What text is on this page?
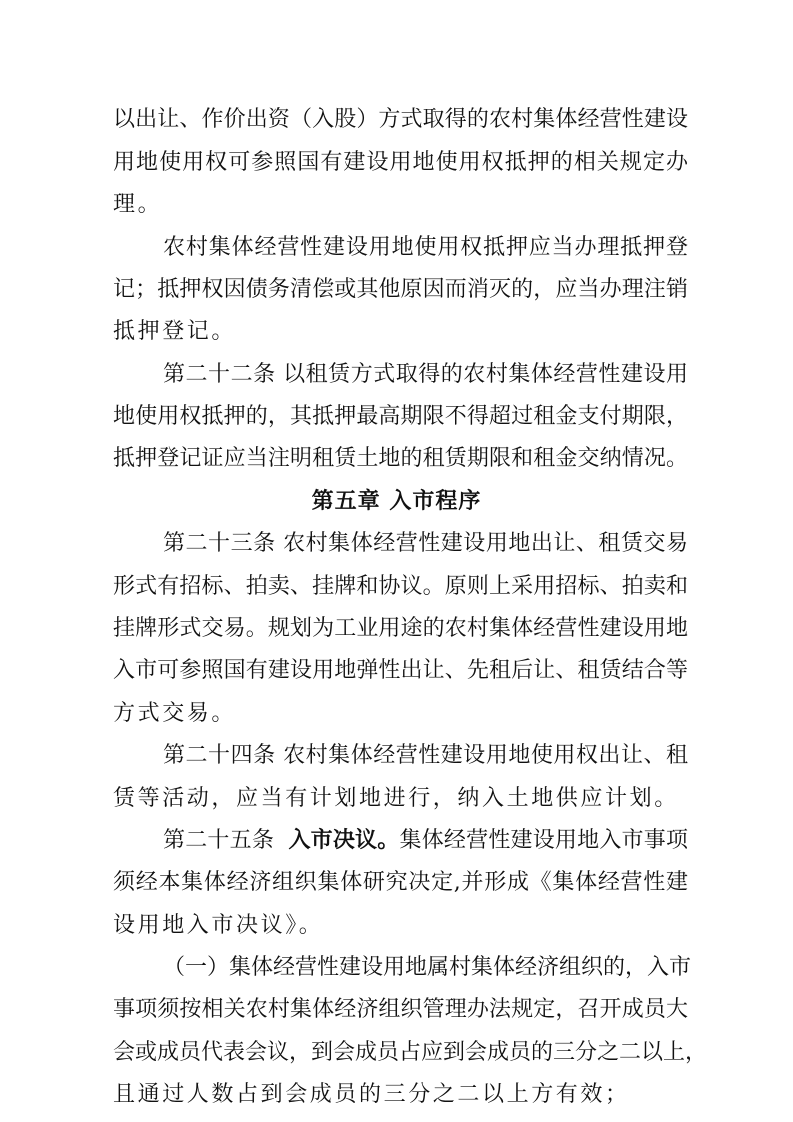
以出让、作价出资（入股）方式取得的农村集体经营性建设
用地使用权可参照国有建设用地使用权抵押的相关规定办
理。
农村集体经营性建设用地使用权抵押应当办理抵押登
记；抵押权因债务清偿或其他原因而消灭的，应当办理注销
抵押登记。
第二十二条 以租赁方式取得的农村集体经营性建设用
地使用权抵押的，其抵押最高期限不得超过租金支付期限，
抵押登记证应当注明租赁土地的租赁期限和租金交纳情况。
第五章 入市程序
第二十三条 农村集体经营性建设用地出让、租赁交易
形式有招标、拍卖、挂牌和协议。原则上采用招标、拍卖和
挂牌形式交易。规划为工业用途的农村集体经营性建设用地
入市可参照国有建设用地弹性出让、先租后让、租赁结合等
方式交易。
第二十四条 农村集体经营性建设用地使用权出让、租
赁等活动，应当有计划地进行，纳入土地供应计划。
第二十五条  入市决议。集体经营性建设用地入市事项
须经本集体经济组织集体研究决定,并形成《集体经营性建
设用地入市决议》。
（一）集体经营性建设用地属村集体经济组织的，入市
事项须按相关农村集体经济组织管理办法规定，召开成员大
会或成员代表会议，到会成员占应到会成员的三分之二以上，
且通过人数占到会成员的三分之二以上方有效；
